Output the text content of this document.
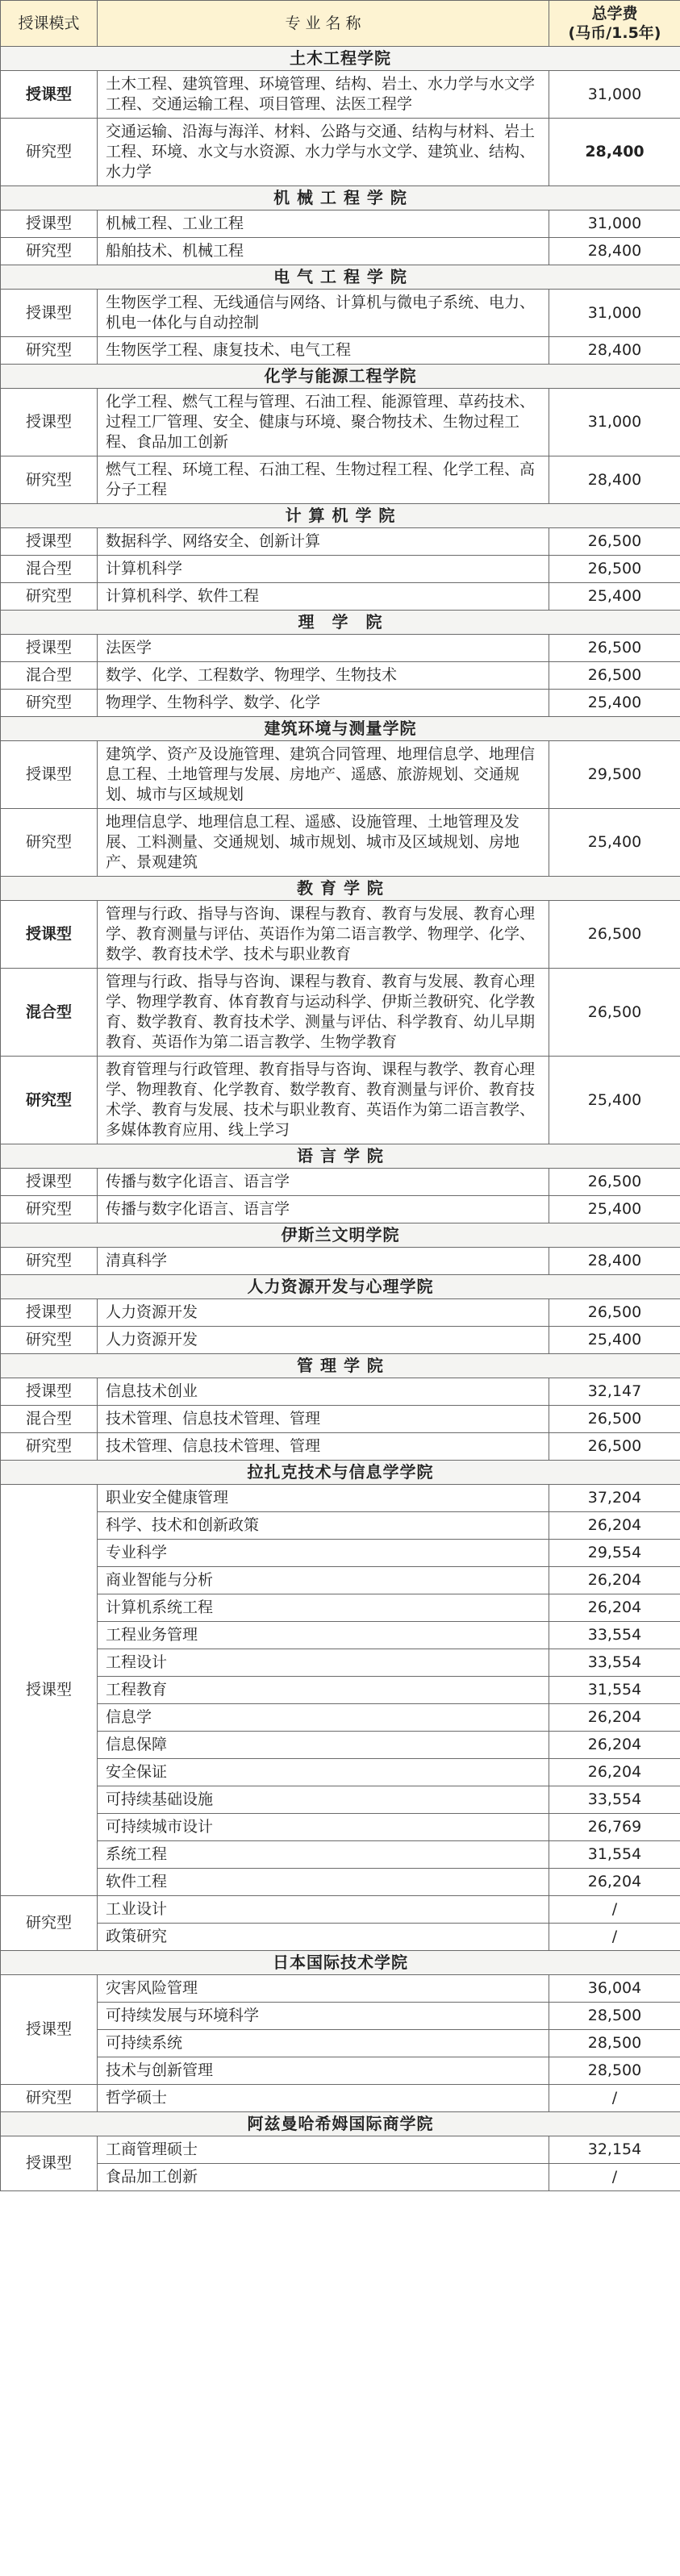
授课模式	专 业 名 称	总学费
(马币/1.5年)
土木工程学院		
授课型	土木工程、建筑管理、环境管理、结构、岩土、水力学与水文学工程、交通运输工程、项目管理、法医工程学	31,000
研究型	交通运输、沿海与海洋、材料、公路与交通、结构与材料、岩土工程、环境、水文与水资源、水力学与水文学、建筑业、结构、水力学	28,400
机 械 工 程 学 院		
授课型	机械工程、工业工程	31,000
研究型	船舶技术、机械工程	28,400
电 气 工 程 学 院		
授课型	生物医学工程、无线通信与网络、计算机与微电子系统、电力、机电一体化与自动控制	31,000
研究型	生物医学工程、康复技术、电气工程	28,400
化学与能源工程学院		
授课型	化学工程、燃气工程与管理、石油工程、能源管理、草药技术、过程工厂管理、安全、健康与环境、聚合物技术、生物过程工程、食品加工创新	31,000
研究型	燃气工程、环境工程、石油工程、生物过程工程、化学工程、高分子工程	28,400
计 算 机 学 院		
授课型	数据科学、网络安全、创新计算	26,500
混合型	计算机科学	26,500
研究型	计算机科学、软件工程	25,400
理　学　院		
授课型	法医学	26,500
混合型	数学、化学、工程数学、物理学、生物技术	26,500
研究型	物理学、生物科学、数学、化学	25,400
建筑环境与测量学院		
授课型	建筑学、资产及设施管理、建筑合同管理、地理信息学、地理信息工程、土地管理与发展、房地产、遥感、旅游规划、交通规划、城市与区域规划	29,500
研究型	地理信息学、地理信息工程、遥感、设施管理、土地管理及发展、工料测量、交通规划、城市规划、城市及区域规划、房地产、景观建筑	25,400
教 育 学 院		
授课型	管理与行政、指导与咨询、课程与教育、教育与发展、教育心理学、教育测量与评估、英语作为第二语言教学、物理学、化学、数学、教育技术学、技术与职业教育	26,500
混合型	管理与行政、指导与咨询、课程与教育、教育与发展、教育心理学、物理学教育、体育教育与运动科学、伊斯兰教研究、化学教育、数学教育、教育技术学、测量与评估、科学教育、幼儿早期教育、英语作为第二语言教学、生物学教育	26,500
研究型	教育管理与行政管理、教育指导与咨询、课程与教学、教育心理学、物理教育、化学教育、数学教育、教育测量与评价、教育技术学、教育与发展、技术与职业教育、英语作为第二语言教学、多媒体教育应用、线上学习	25,400
语 言 学 院		
授课型	传播与数字化语言、语言学	26,500
研究型	传播与数字化语言、语言学	25,400
伊斯兰文明学院		
研究型	清真科学	28,400
人力资源开发与心理学院		
授课型	人力资源开发	26,500
研究型	人力资源开发	25,400
管 理 学 院		
授课型	信息技术创业	32,147
混合型	技术管理、信息技术管理、管理	26,500
研究型	技术管理、信息技术管理、管理	26,500
拉扎克技术与信息学学院		
授课型	职业安全健康管理	37,204
	科学、技术和创新政策	26,204
	专业科学	29,554
	商业智能与分析	26,204
	计算机系统工程	26,204
	工程业务管理	33,554
	工程设计	33,554
	工程教育	31,554
	信息学	26,204
	信息保障	26,204
	安全保证	26,204
	可持续基础设施	33,554
	可持续城市设计	26,769
	系统工程	31,554
	软件工程	26,204
研究型	工业设计	/
	政策研究	/
日本国际技术学院		
授课型	灾害风险管理	36,004
	可持续发展与环境科学	28,500
	可持续系统	28,500
	技术与创新管理	28,500
研究型	哲学硕士	/
阿兹曼哈希姆国际商学院		
授课型	工商管理硕士	32,154
	食品加工创新	/
